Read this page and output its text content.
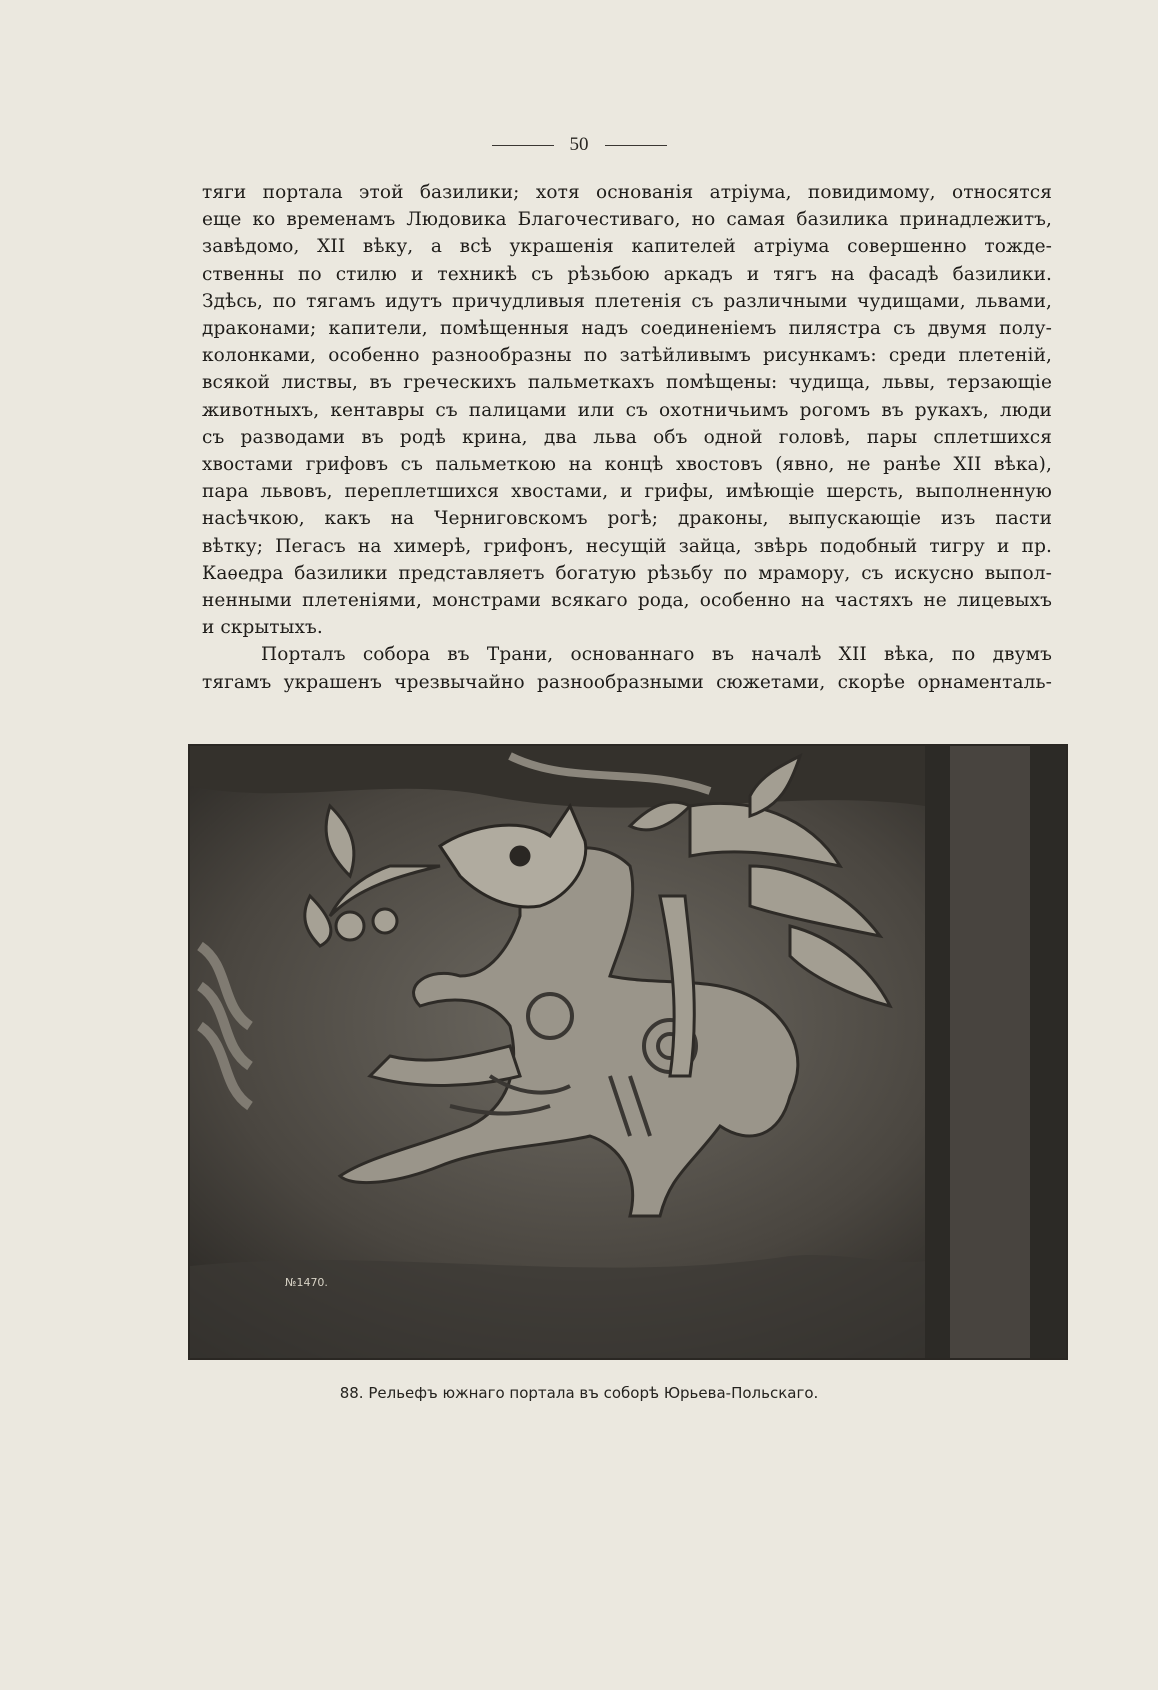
50
тяги портала этой базилики; хотя основанія атріума, повидимому, относятся
еще ко временамъ Людовика Благочестиваго, но самая базилика принадлежитъ,
завѣдомо, XII вѣку, а всѣ украшенія капителей атріума совершенно тожде-
ственны по стилю и техникѣ съ рѣзьбою аркадъ и тягъ на фасадѣ базилики.
Здѣсь, по тягамъ идутъ причудливыя плетенія съ различными чудищами, львами,
драконами; капители, помѣщенныя надъ соединеніемъ пилястра съ двумя полу-
колонками, особенно разнообразны по затѣйливымъ рисункамъ: среди плетеній,
всякой листвы, въ греческихъ пальметкахъ помѣщены: чудища, львы, терзающіе
животныхъ, кентавры съ палицами или съ охотничьимъ рогомъ въ рукахъ, люди
съ разводами въ родѣ крина, два льва объ одной головѣ, пары сплетшихся
хвостами грифовъ съ пальметкою на концѣ хвостовъ (явно, не ранѣе XII вѣка),
пара львовъ, переплетшихся хвостами, и грифы, имѣющіе шерсть, выполненную
насѣчкою, какъ на Черниговскомъ рогѣ; драконы, выпускающіе изъ пасти
вѣтку; Пегасъ на химерѣ, грифонъ, несущій зайца, звѣрь подобный тигру и пр.
Каѳедра базилики представляетъ богатую рѣзьбу по мрамору, съ искусно выпол-
ненными плетеніями, монстрами всякаго рода, особенно на частяхъ не лицевыхъ
и скрытыхъ.
Порталъ собора въ Трани, основаннаго въ началѣ XII вѣка, по двумъ
тягамъ украшенъ чрезвычайно разнообразными сюжетами, скорѣе орнаменталь-
№1470.
88. Рельефъ южнаго портала въ соборѣ Юрьева-Польскаго.
